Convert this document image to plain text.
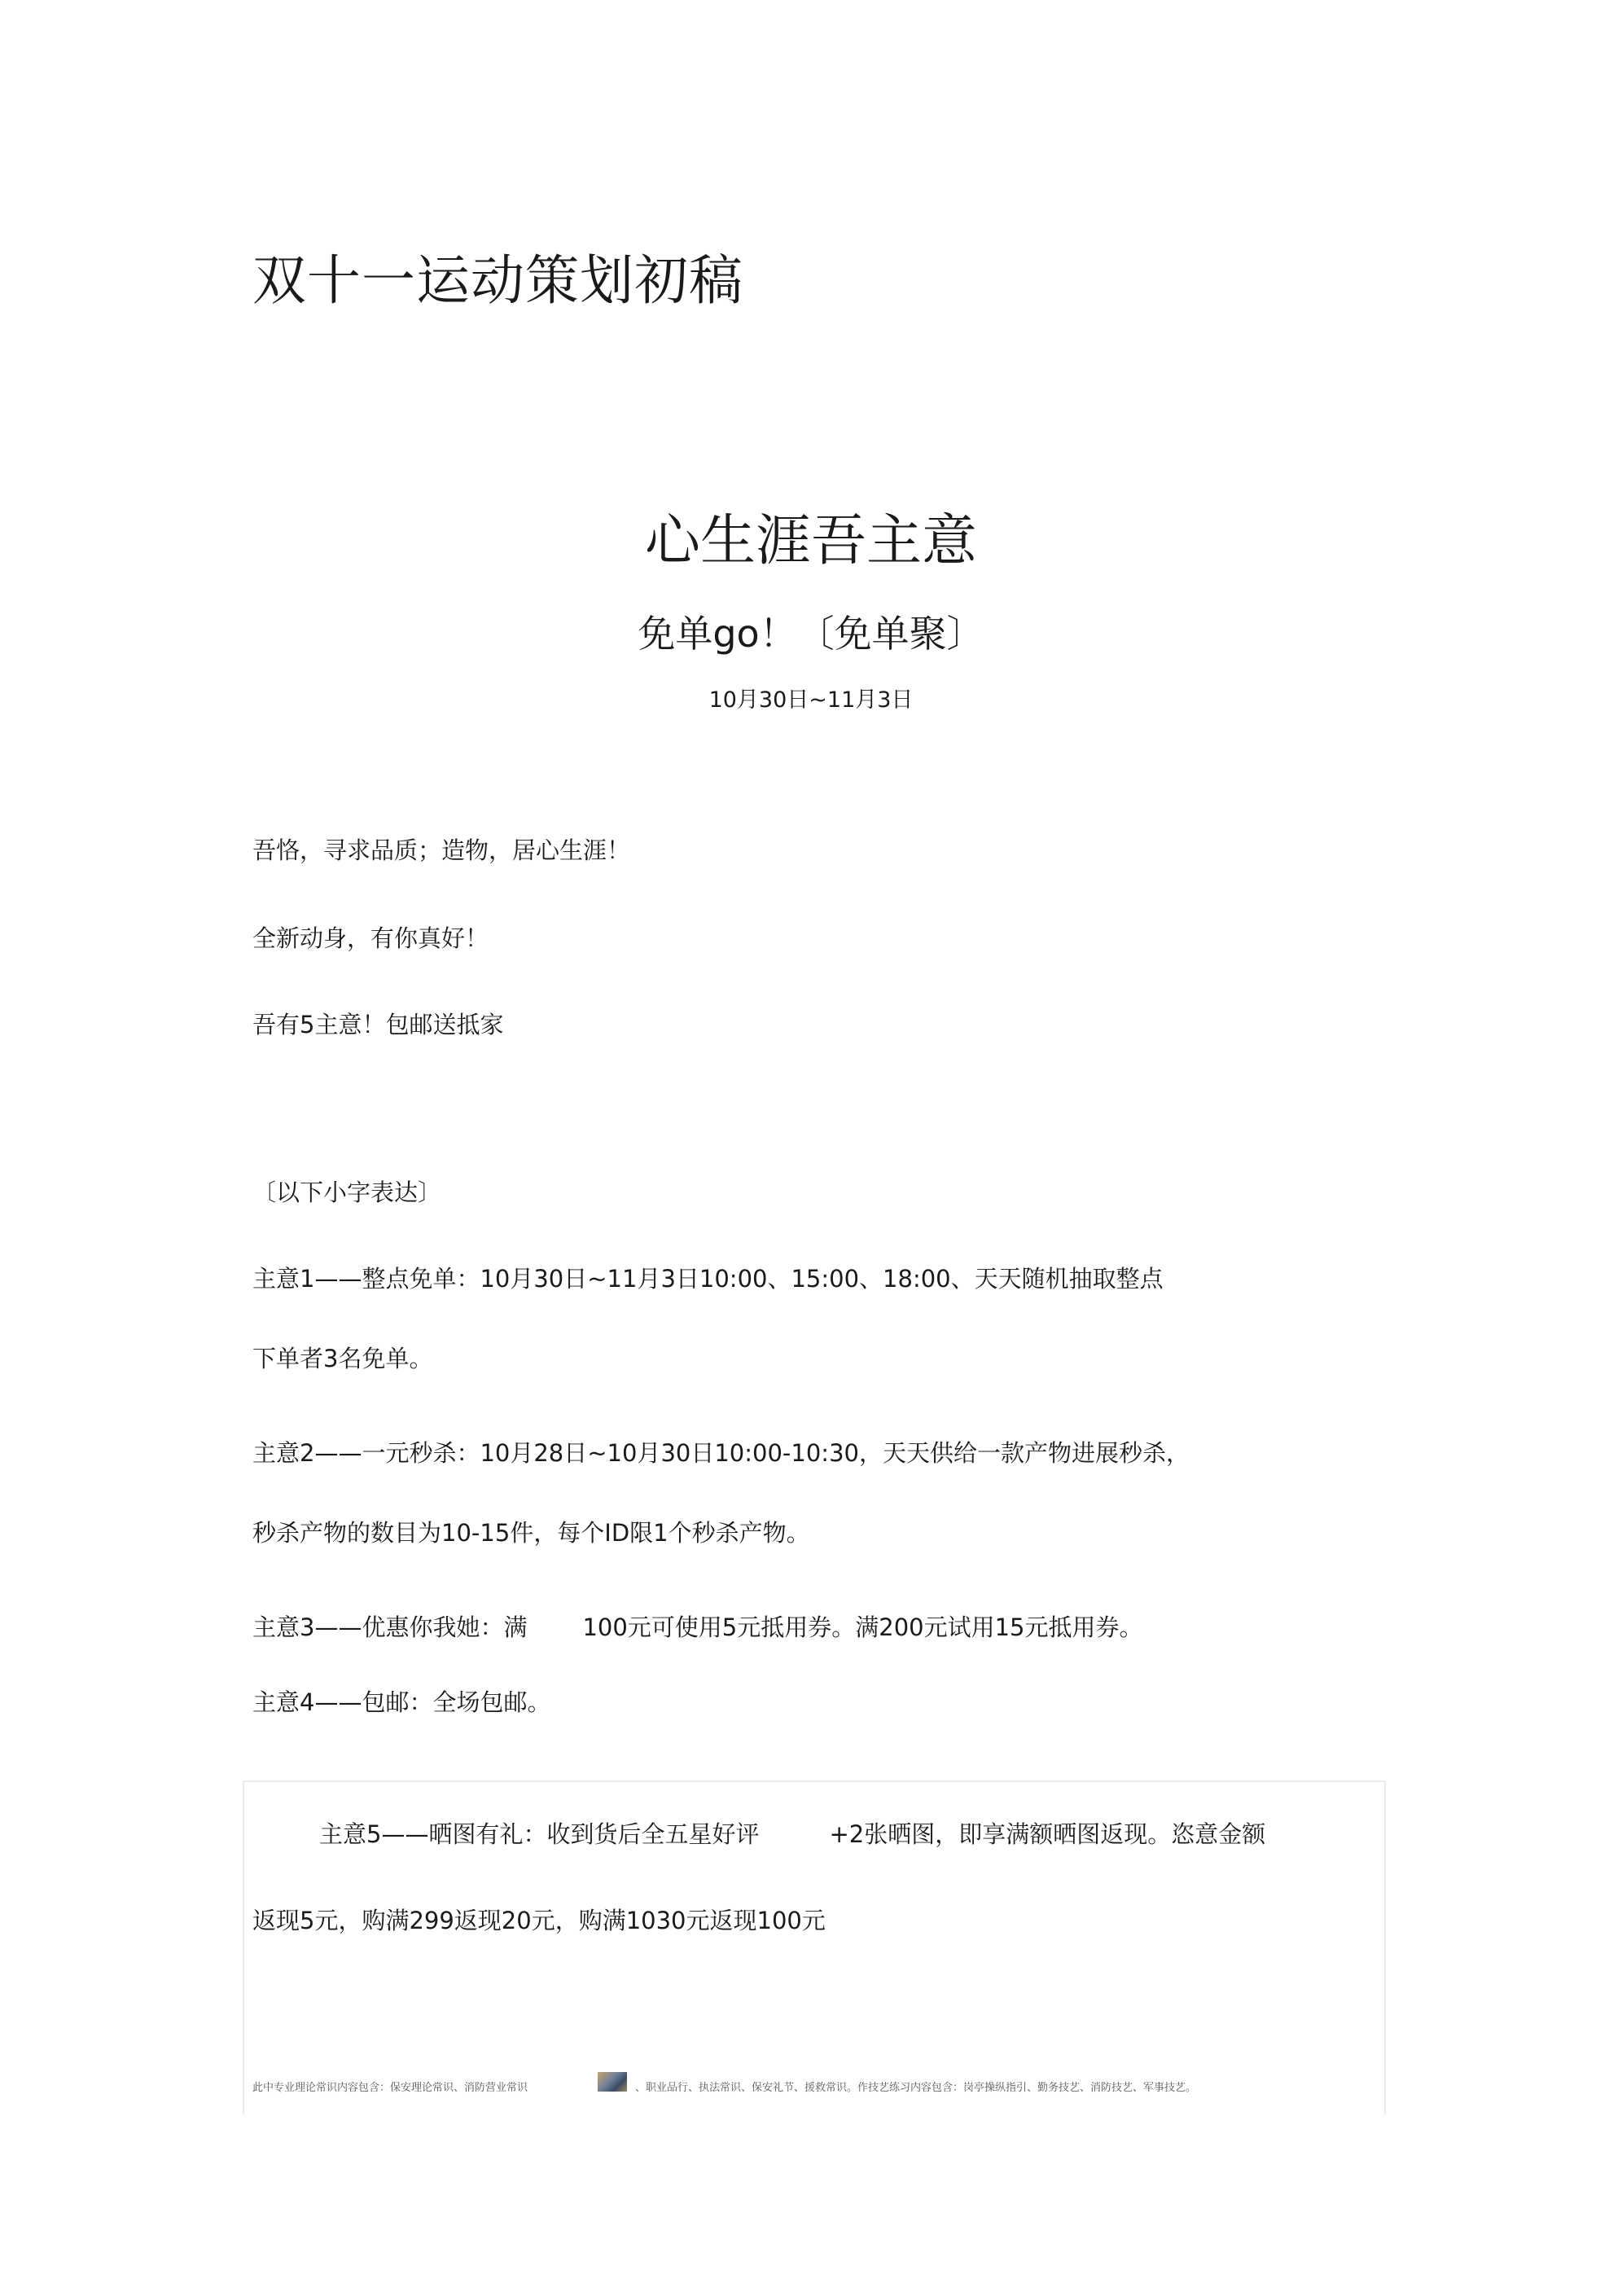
双十一运动策划初稿
心生涯吾主意
免单go！〔免单聚〕
10月30日~11月3日
吾恪，寻求品质；造物，居心生涯！
全新动身，有你真好！
吾有5主意！包邮送抵家
〔以下小字表达〕
主意1——整点免单：10月30日~11月3日10:00、15:00、18:00、天天随机抽取整点
下单者3名免单。
主意2——一元秒杀：10月28日~10月30日10:00-10:30，天天供给一款产物进展秒杀，
秒杀产物的数目为10-15件，每个ID限1个秒杀产物。
主意3——优惠你我她：满 100元可使用5元抵用券。满200元试用15元抵用券。
主意4——包邮：全场包邮。
主意5——晒图有礼：收到货后全五星好评	+2张晒图，即享满额晒图返现。恣意金额
返现5元，购满299返现20元，购满1030元返现100元
此中专业理论常识内容包含：保安理论常识、消防营业常识	、职业品行、执法常识、保安礼节、援救常识。作技艺练习内容包含：岗亭操纵指引、勤务技艺、消防技艺、军事技艺。
